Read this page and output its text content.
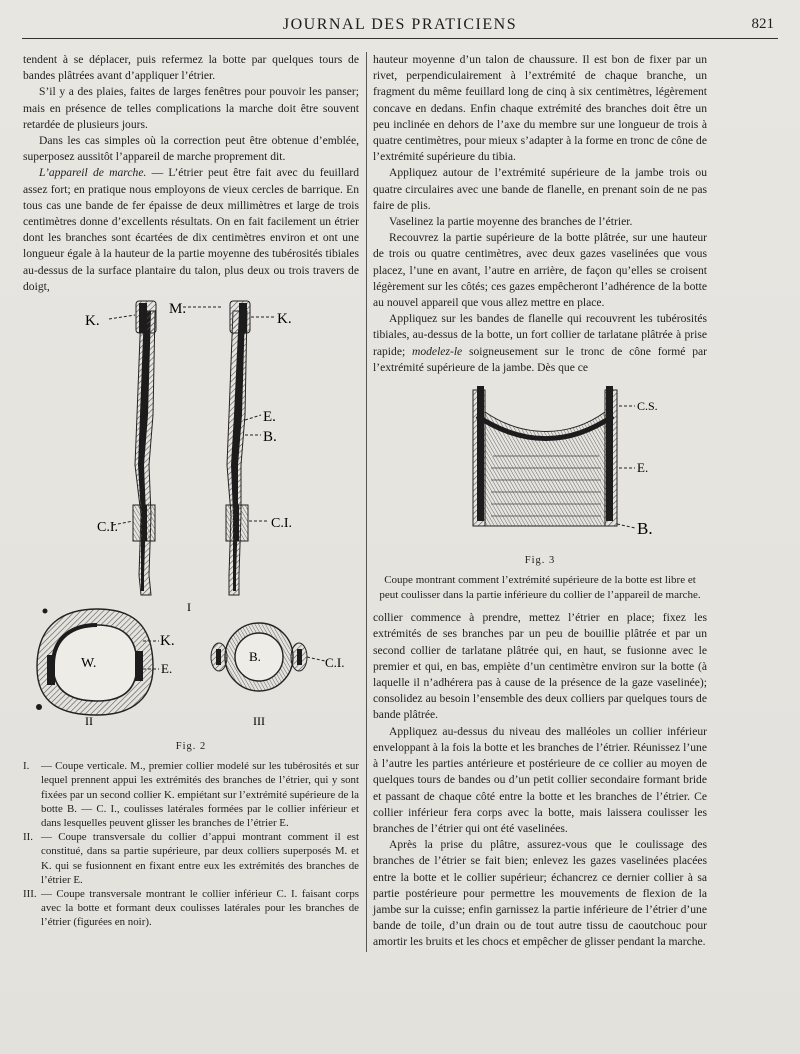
JOURNAL DES PRATICIENS	821

tendent à se déplacer, puis refermez la botte par quelques tours de bandes plâtrées avant d’appliquer l’étrier.

S’il y a des plaies, faites de larges fenêtres pour pouvoir les panser; mais en présence de telles complications la marche doit être souvent retardée de plusieurs jours.

Dans les cas simples où la correction peut être obtenue d’emblée, superposez aussitôt l’appareil de marche proprement dit.

L’appareil de marche. — L’étrier peut être fait avec du feuillard assez fort; en pratique nous employons de vieux cercles de barrique. En tous cas une bande de fer épaisse de deux millimètres et large de trois centimètres donne d’excellents résultats. On en fait facilement un étrier dont les branches sont écartées de dix centimètres environ et ont une longueur égale à la hauteur de la partie moyenne des tubérosités tibiales au-dessus de la surface plantaire du talon, plus deux ou trois travers de doigt,

K.
M.
K.
E.
B.
C.I.	C.I.
I
W.
K.
E.
II
B.	C.I.
III
Fig. 2
I.	— Coupe verticale. M., premier collier modelé sur les tubérosités et sur lequel prennent appui les extrémités des branches de l’étrier, qui y sont fixées par un second collier K. empiétant sur l’extrémité supérieure de la botte B. — C. I., coulisses latérales formées par le collier inférieur et dans lesquelles peuvent glisser les branches de l’étrier E.
II. — Coupe transversale du collier d’appui montrant comment il est constitué, dans sa partie supérieure, par deux colliers superposés M. et K. qui se fusionnent en fixant entre eux les extrémités des branches de l’étrier E.
III. — Coupe transversale montrant le collier inférieur C. I. faisant corps avec la botte et formant deux coulisses latérales pour les branches de l’étrier (figurées en noir).

hauteur moyenne d’un talon de chaussure. Il est bon de fixer par un rivet, perpendiculairement à l’extrémité de chaque branche, un fragment du même feuillard long de cinq à six centimètres, légèrement concave en dedans. Enfin chaque extrémité des branches doit être un peu inclinée en dehors de l’axe du membre sur une longueur de trois à quatre centimètres, pour mieux s’adapter à la forme en tronc de cône de l’extrémité supérieure du tibia.

Appliquez autour de l’extrémité supérieure de la jambe trois ou quatre circulaires avec une bande de flanelle, en prenant soin de ne pas faire de plis.

Vaselinez la partie moyenne des branches de l’étrier.

Recouvrez la partie supérieure de la botte plâtrée, sur une hauteur de trois ou quatre centimètres, avec deux gazes vaselinées que vous placez, l’une en avant, l’autre en arrière, de façon qu’elles se croisent légèrement sur les côtés; ces gazes empêcheront l’adhérence de la botte au nouvel appareil que vous allez mettre en place.

Appliquez sur les bandes de flanelle qui recouvrent les tubérosités tibiales, au-dessus de la botte, un fort collier de tarlatane plâtrée à prise rapide; modelez-le soigneusement sur le tronc de cône formé par l’extrémité supérieure de la jambe. Dès que ce

C.S.
E.
B.
Fig. 3
Coupe montrant comment l’extrémité supérieure de la botte est libre et peut coulisser dans la partie inférieure du collier de l’appareil de marche.

collier commence à prendre, mettez l’étrier en place; fixez les extrémités de ses branches par un peu de bouillie plâtrée et par un second collier de tarlatane plâtrée qui, en haut, se fusionne avec le premier et qui, en bas, empiète d’un centimètre environ sur la botte (à laquelle il n’adhérera pas à cause de la présence de la gaze vaselinée); consolidez au besoin l’ensemble des deux colliers par quelques tours de bande plâtrée.

Appliquez au-dessus du niveau des malléoles un collier inférieur enveloppant à la fois la botte et les branches de l’étrier. Réunissez l’une à l’autre les parties antérieure et postérieure de ce collier au moyen de quelques tours de bandes ou d’un petit collier secondaire formant bride et passant de chaque côté entre la botte et les branches de l’étrier. Ce collier inférieur fera corps avec la botte, mais laissera coulisser les branches de l’étrier qui ont été vaselinées.

Après la prise du plâtre, assurez-vous que le coulissage des branches de l’étrier se fait bien; enlevez les gazes vaselinées placées entre la botte et le collier supérieur; échancrez ce dernier collier à sa partie postérieure pour permettre les mouvements de flexion de la jambe sur la cuisse; enfin garnissez la partie inférieure de l’étrier d’une bande de toile, d’un drain ou de tout autre tissu de caoutchouc pour amortir les bruits et les chocs et empêcher de glisser pendant la marche.
